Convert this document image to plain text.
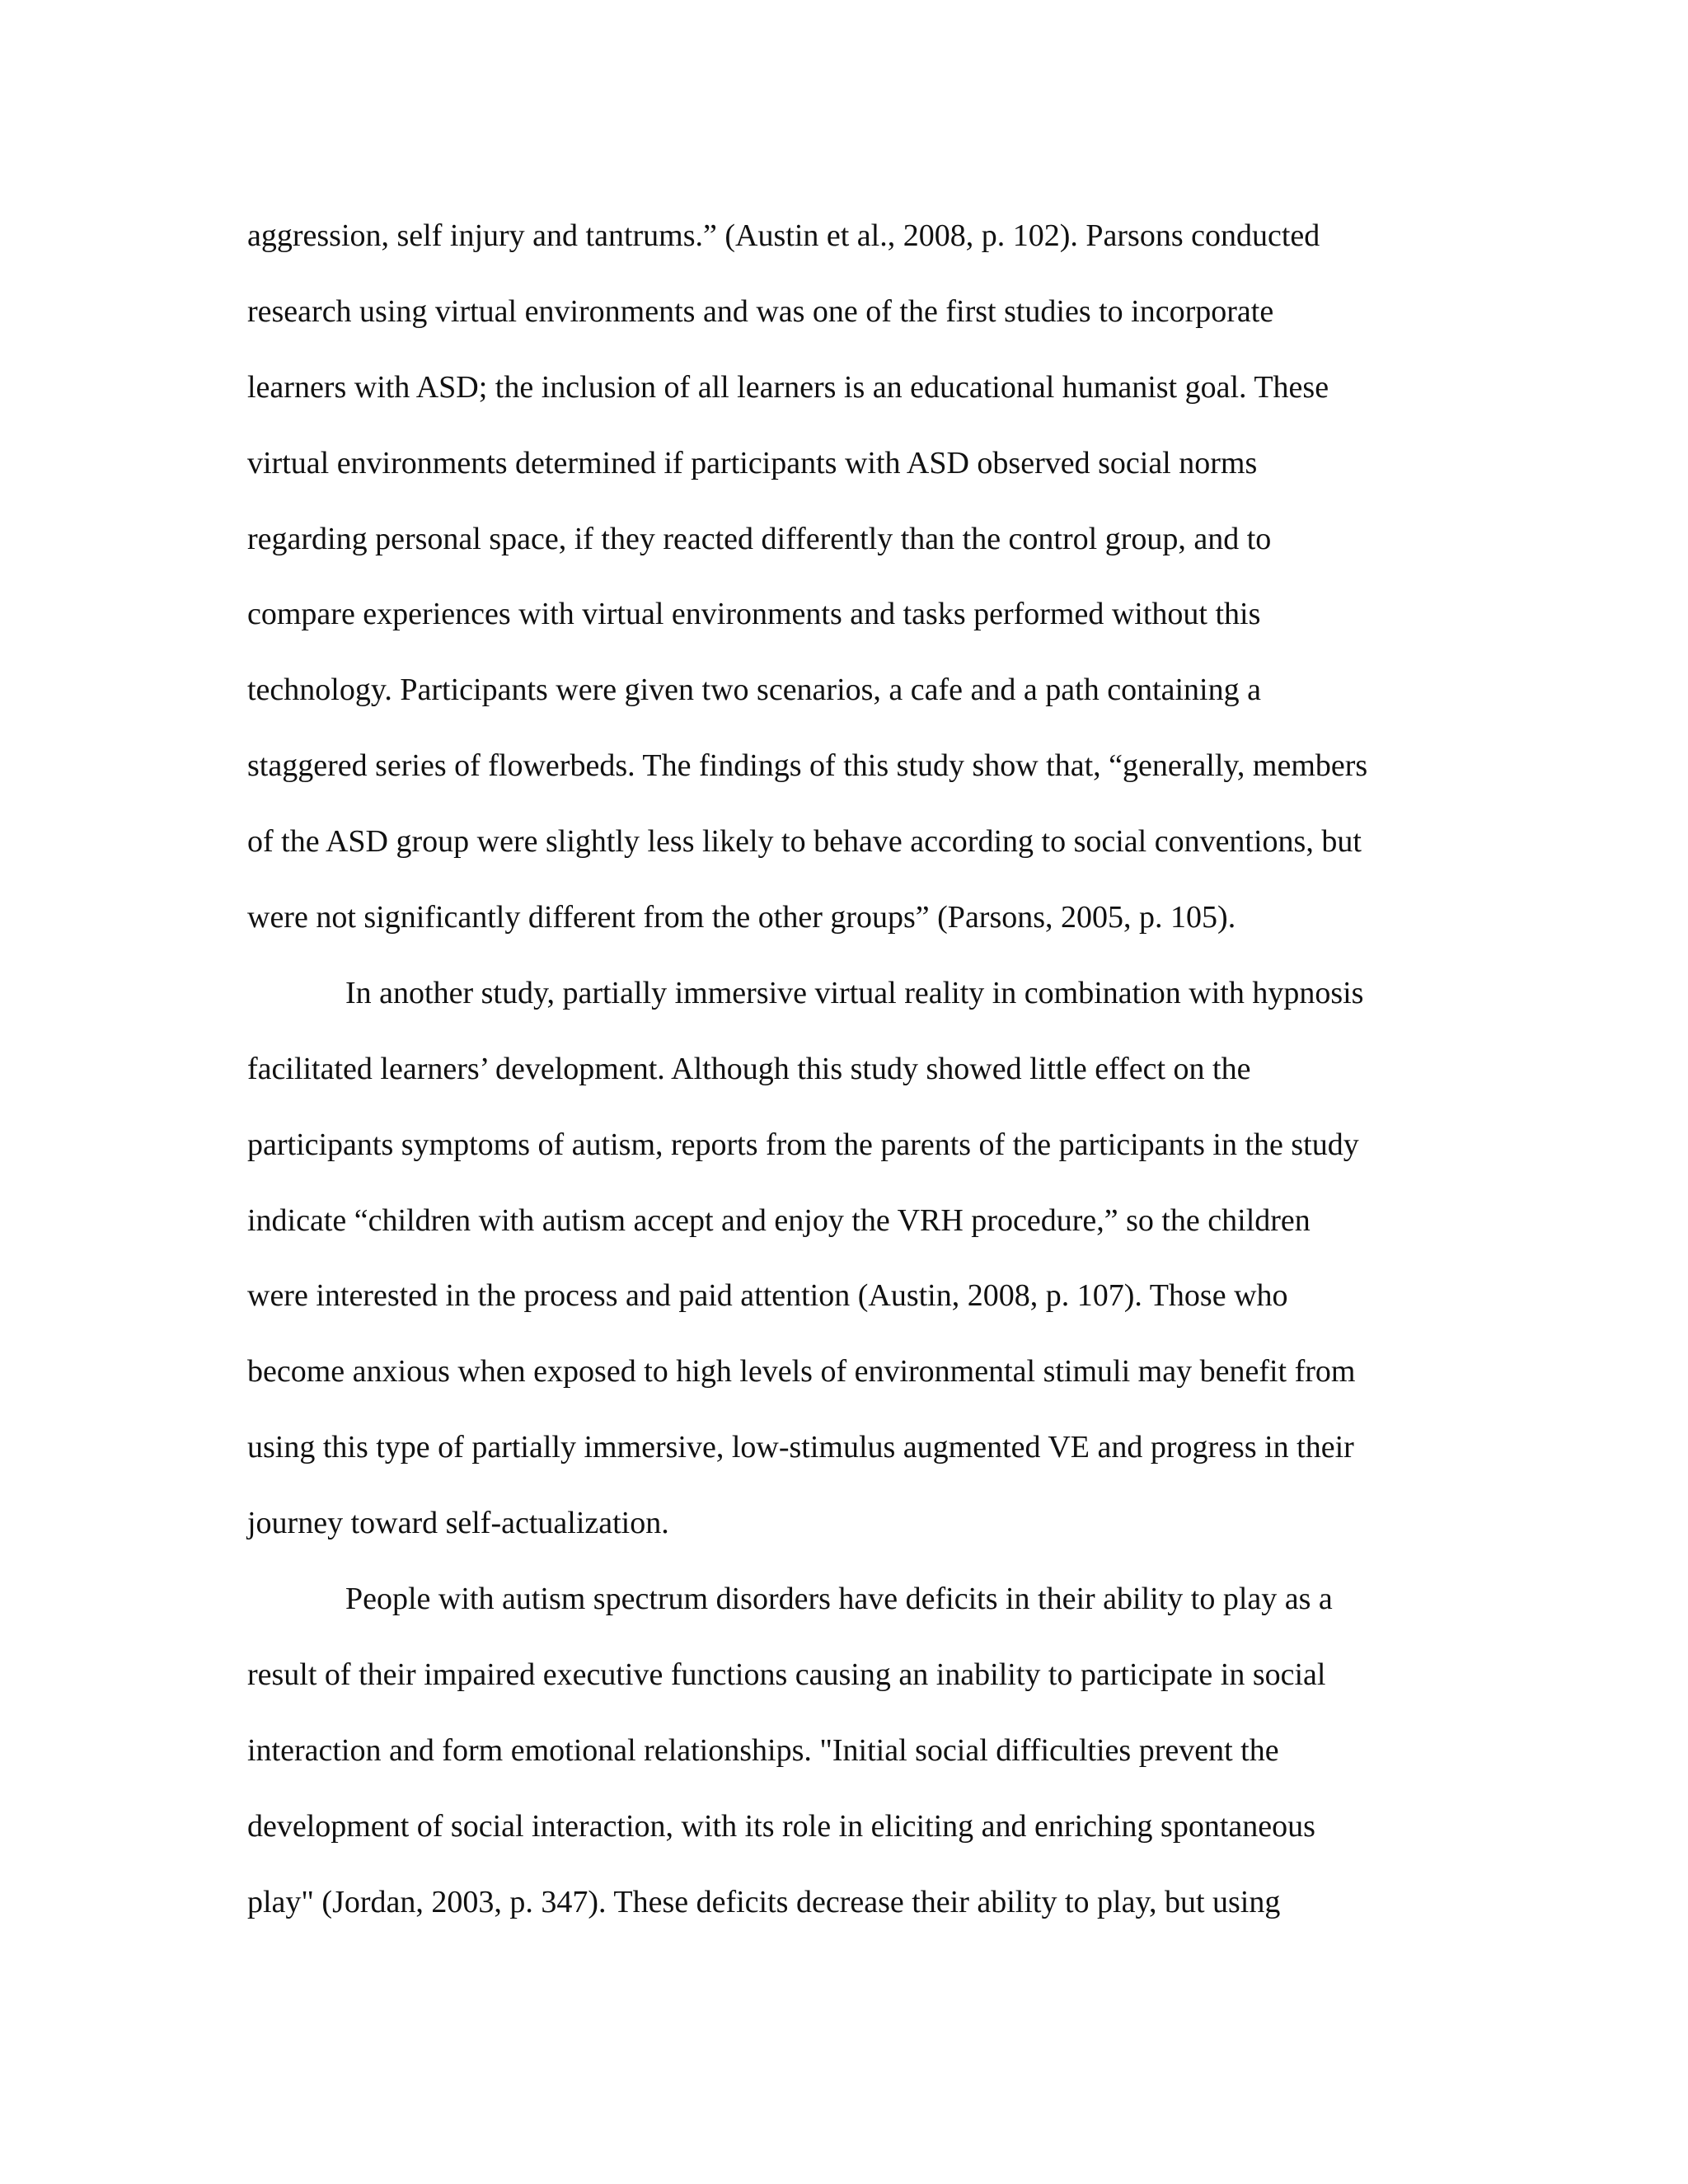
aggression, self injury and tantrums.” (Austin et al., 2008, p. 102). Parsons conducted
research using virtual environments and was one of the first studies to incorporate
learners with ASD; the inclusion of all learners is an educational humanist goal. These
virtual environments determined if participants with ASD observed social norms
regarding personal space, if they reacted differently than the control group, and to
compare experiences with virtual environments and tasks performed without this
technology. Participants were given two scenarios, a cafe and a path containing a
staggered series of flowerbeds. The findings of this study show that, “generally, members
of the ASD group were slightly less likely to behave according to social conventions, but
were not significantly different from the other groups” (Parsons, 2005, p. 105).
In another study, partially immersive virtual reality in combination with hypnosis
facilitated learners’ development. Although this study showed little effect on the
participants symptoms of autism, reports from the parents of the participants in the study
indicate “children with autism accept and enjoy the VRH procedure,” so the children
were interested in the process and paid attention (Austin, 2008, p. 107). Those who
become anxious when exposed to high levels of environmental stimuli may benefit from
using this type of partially immersive, low-stimulus augmented VE and progress in their
journey toward self-actualization.
People with autism spectrum disorders have deficits in their ability to play as a
result of their impaired executive functions causing an inability to participate in social
interaction and form emotional relationships. "Initial social difficulties prevent the
development of social interaction, with its role in eliciting and enriching spontaneous
play" (Jordan, 2003, p. 347). These deficits decrease their ability to play, but using
